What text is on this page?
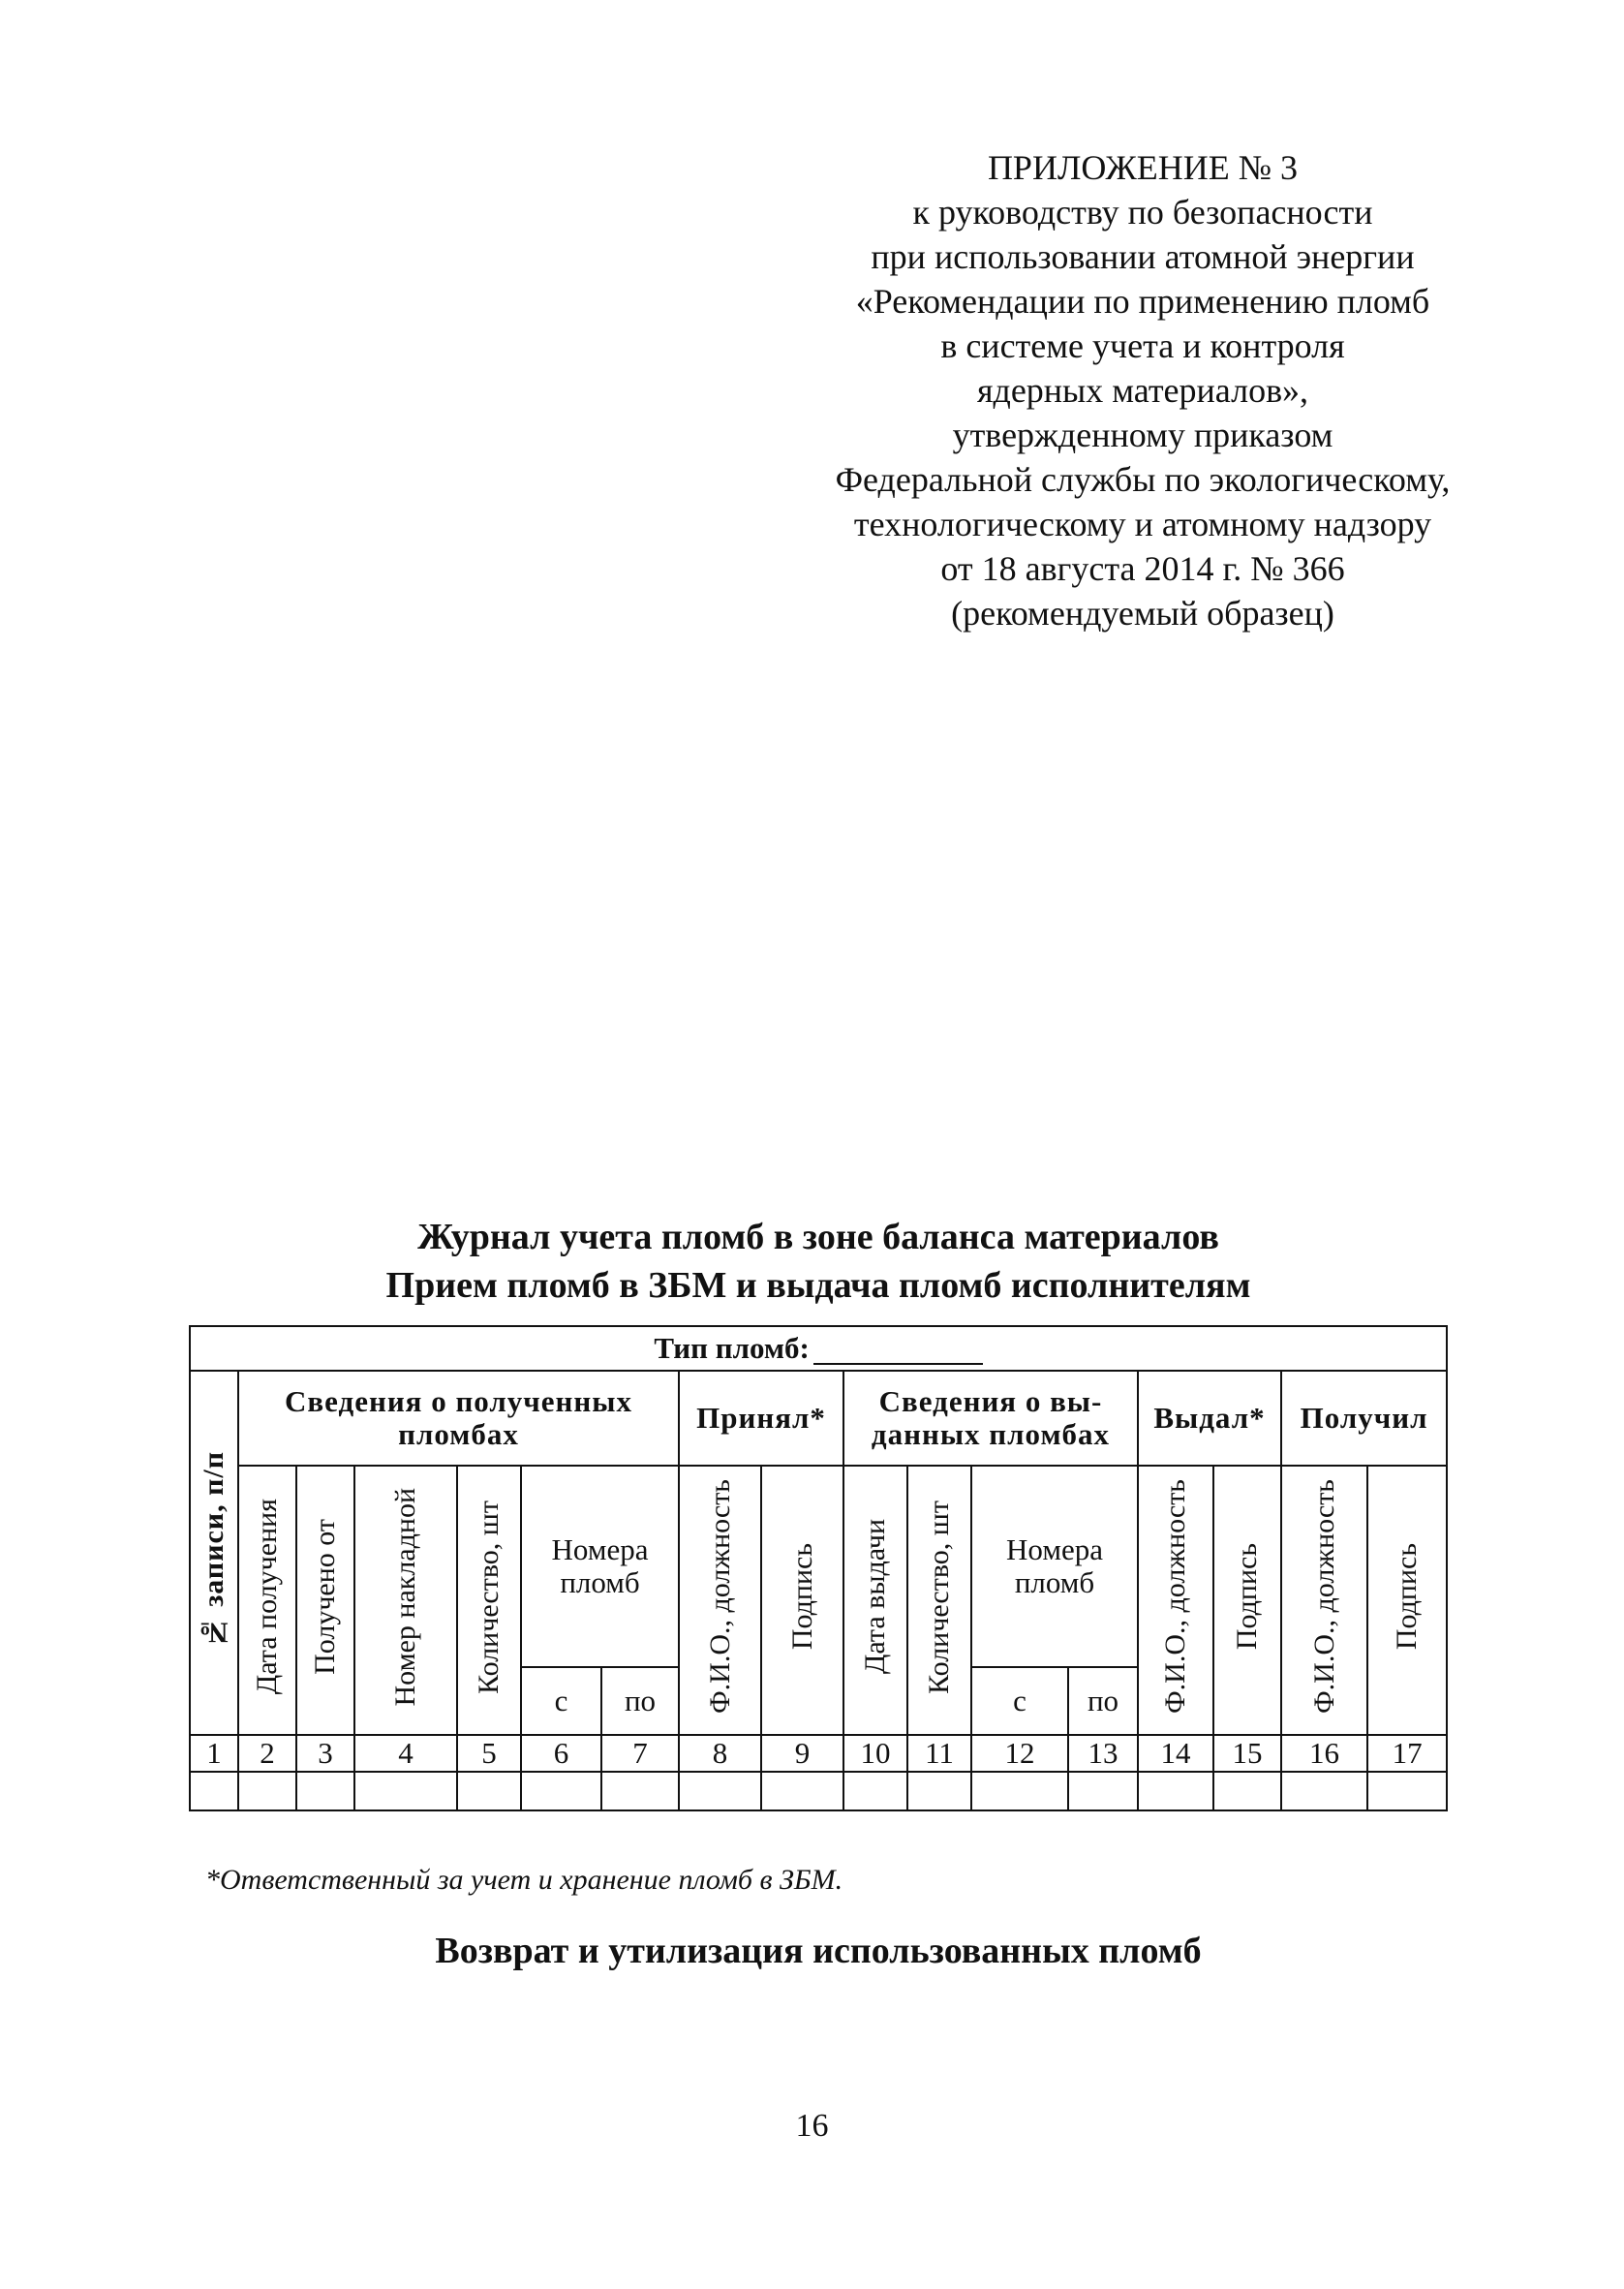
ПРИЛОЖЕНИЕ № 3
к руководству по безопасности
при использовании атомной энергии
«Рекомендации по применению пломб
в системе учета и контроля
ядерных материалов»,
утвержденному приказом
Федеральной службы по экологическому,
технологическому и атомному надзору
от 18 августа 2014 г. № 366
(рекомендуемый образец)
Журнал учета пломб в зоне баланса материалов
Прием пломб в ЗБМ и выдача пломб исполнителям
Тип пломб:																
№ записи, п/п	Сведения о полученных пломбах						Принял*		Сведения о вы-данных пломбах				Выдал*		Получил	
	Дата получения	Получено от	Номер накладной	Количество, шт	Номера пломб		Ф.И.О., должность	Подпись	Дата выдачи	Количество, шт	Номера пломб		Ф.И.О., должность	Подпись	Ф.И.О., должность	Подпись
					с	по					с	по				
1	2	3	4	5	6	7	8	9	10	11	12	13	14	15	16	17

*Ответственный за учет и хранение пломб в ЗБМ.
Возврат и утилизация использованных пломб
16
